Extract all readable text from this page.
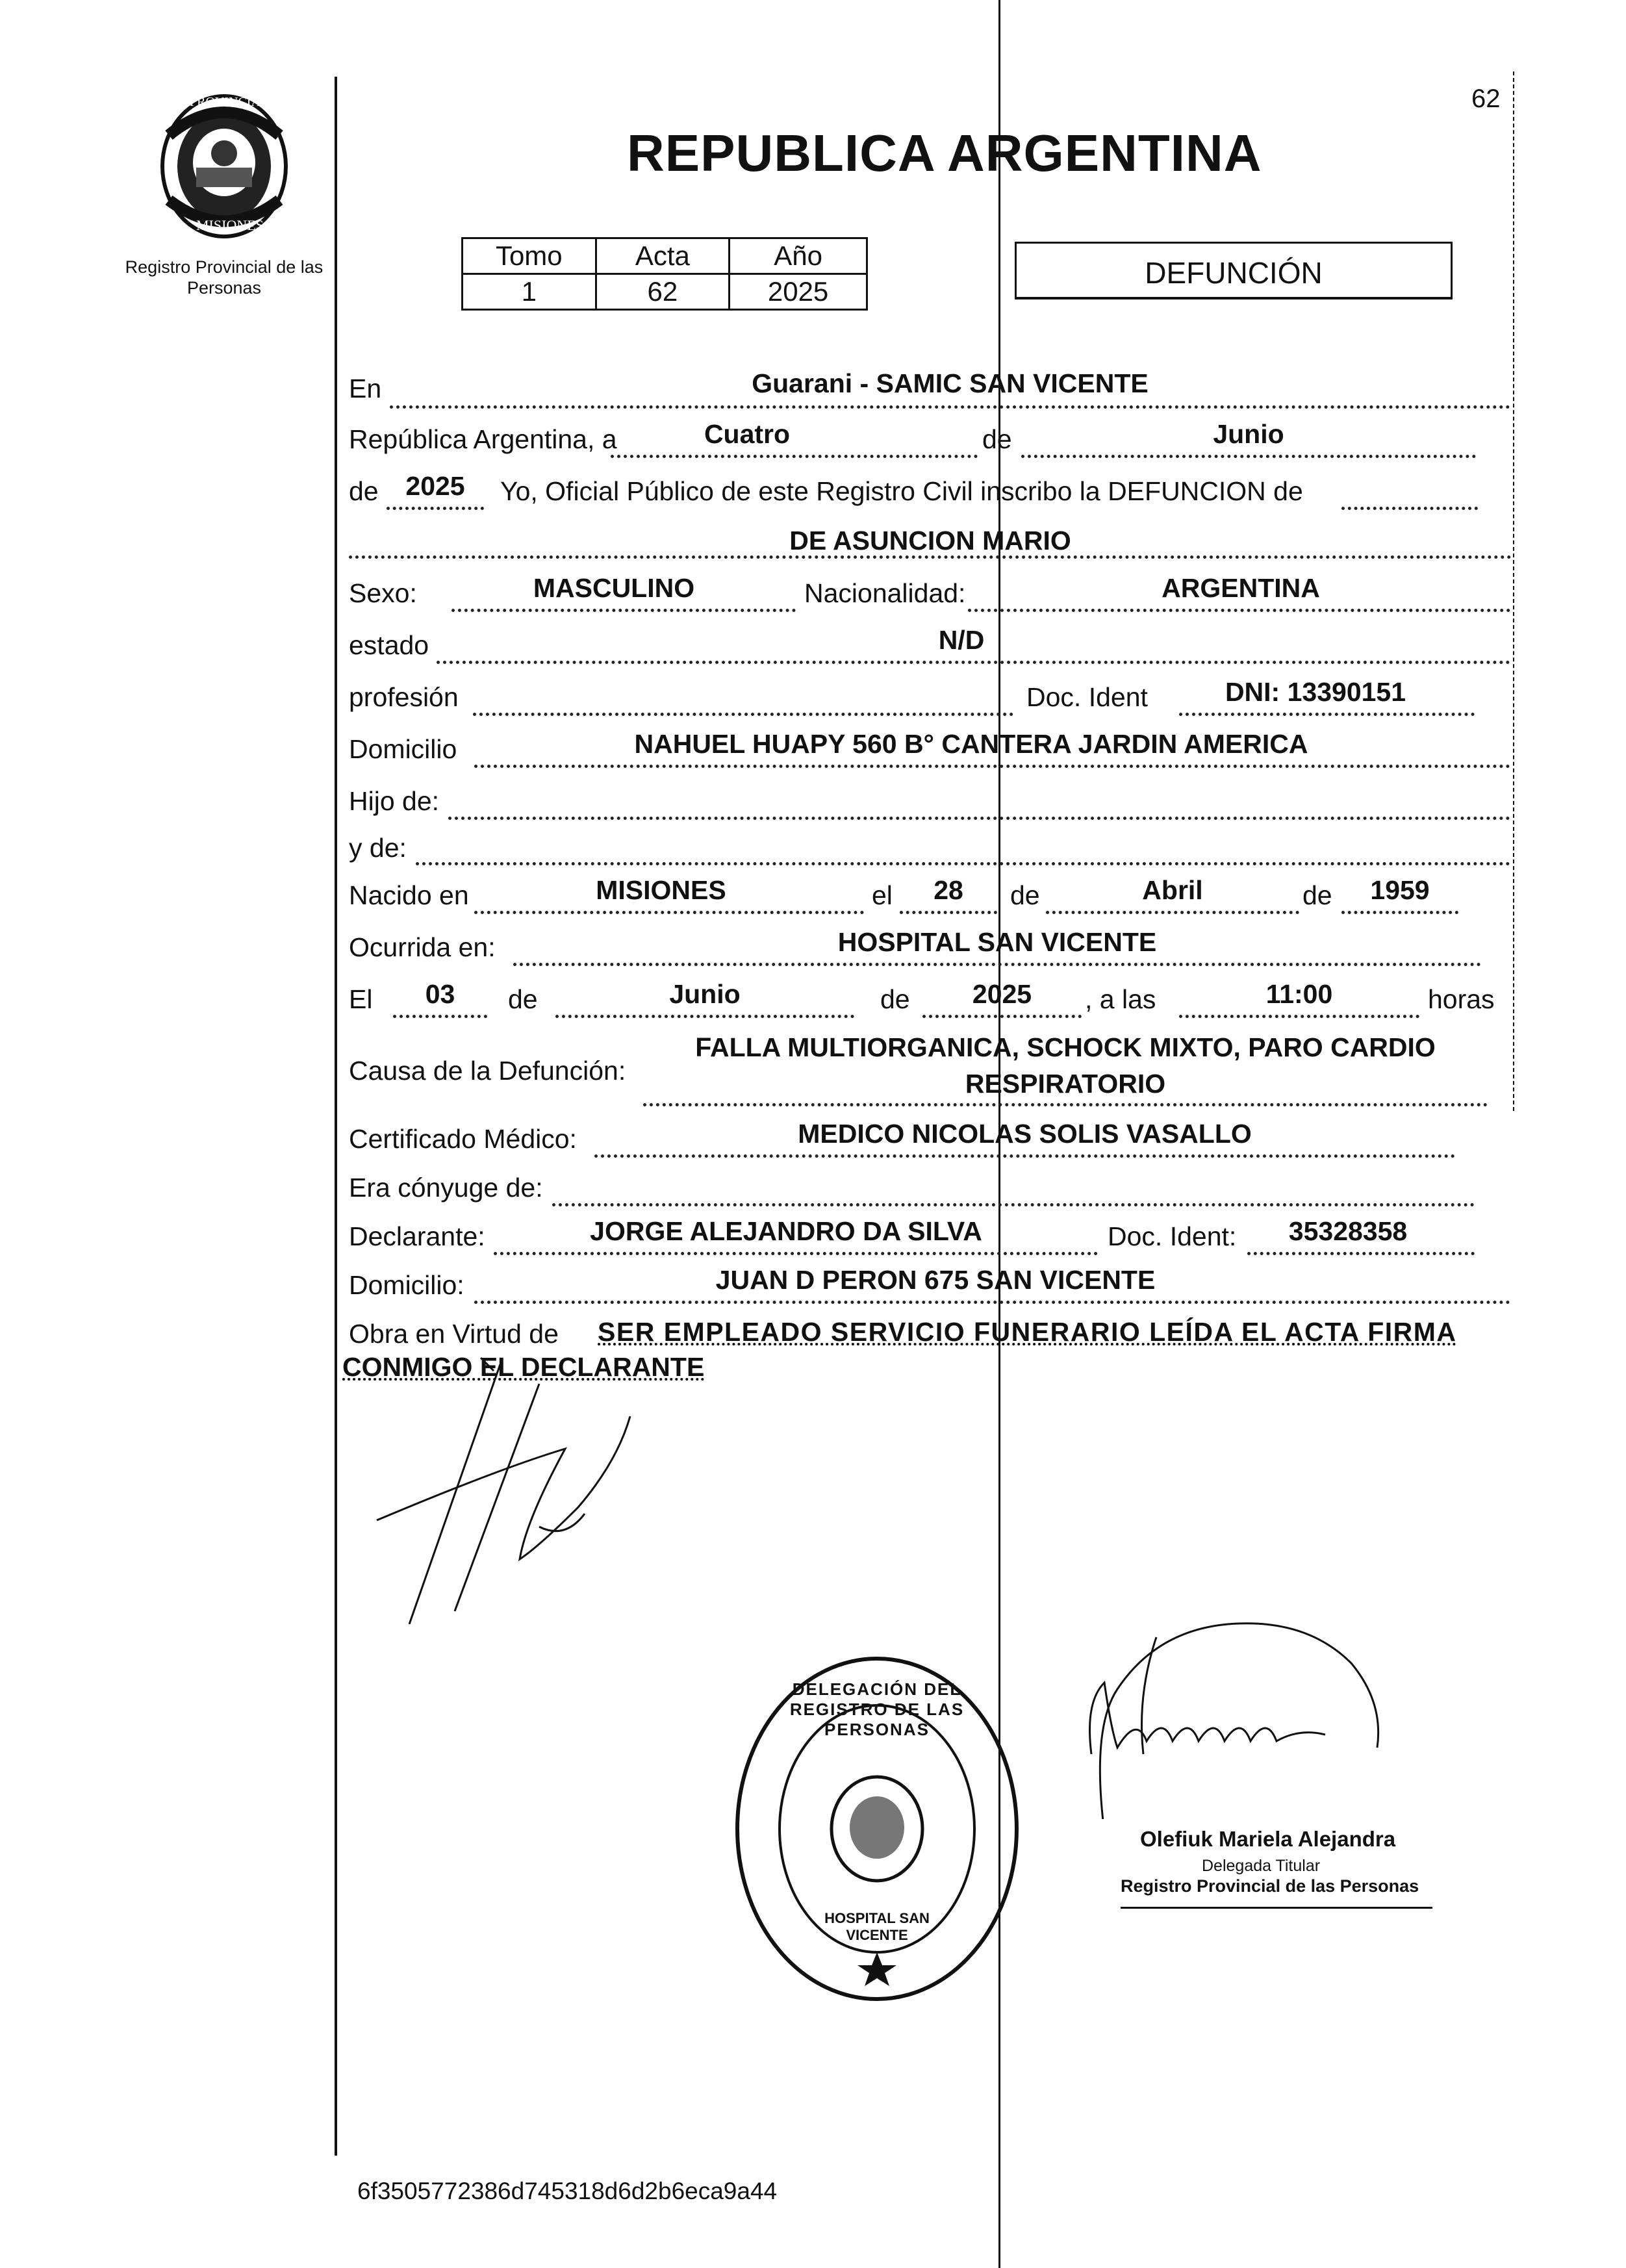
62
PROVINCIA DE
MISIONES
Registro Provincial de las Personas
REPUBLICA ARGENTINA
Tomo	Acta	Año
1	62	2025
DEFUNCIÓN
En	Guarani - SAMIC SAN VICENTE
República Argentina, a	Cuatro	de	Junio
de	2025	Yo, Oficial Público de este Registro Civil inscribo la DEFUNCION de
DE ASUNCION MARIO
Sexo:	MASCULINO	Nacionalidad:	ARGENTINA
estado	N/D
profesión	Doc. Ident	DNI: 13390151
Domicilio	NAHUEL HUAPY 560 B° CANTERA JARDIN AMERICA
Hijo de:
y de:
Nacido en	MISIONES	el	28	de	Abril	de	1959
Ocurrida en:	HOSPITAL SAN VICENTE
El	03	de	Junio	de	2025	, a las	11:00	horas
Causa de la Defunción:
FALLA MULTIORGANICA, SCHOCK MIXTO, PARO CARDIO
RESPIRATORIO
Certificado Médico:	MEDICO NICOLAS SOLIS VASALLO
Era cónyuge de:
Declarante:	JORGE ALEJANDRO DA SILVA	Doc. Ident:	35328358
Domicilio:	JUAN D PERON 675 SAN VICENTE
Obra en Virtud de SER EMPLEADO SERVICIO FUNERARIO LEÍDA EL ACTA FIRMA
CONMIGO EL DECLARANTE
DELEGACIÓN DEL REGISTRO DE LAS PERSONAS
HOSPITAL SAN VICENTE
Olefiuk Mariela Alejandra
Delegada Titular
Registro Provincial de las Personas
6f3505772386d745318d6d2b6eca9a44
